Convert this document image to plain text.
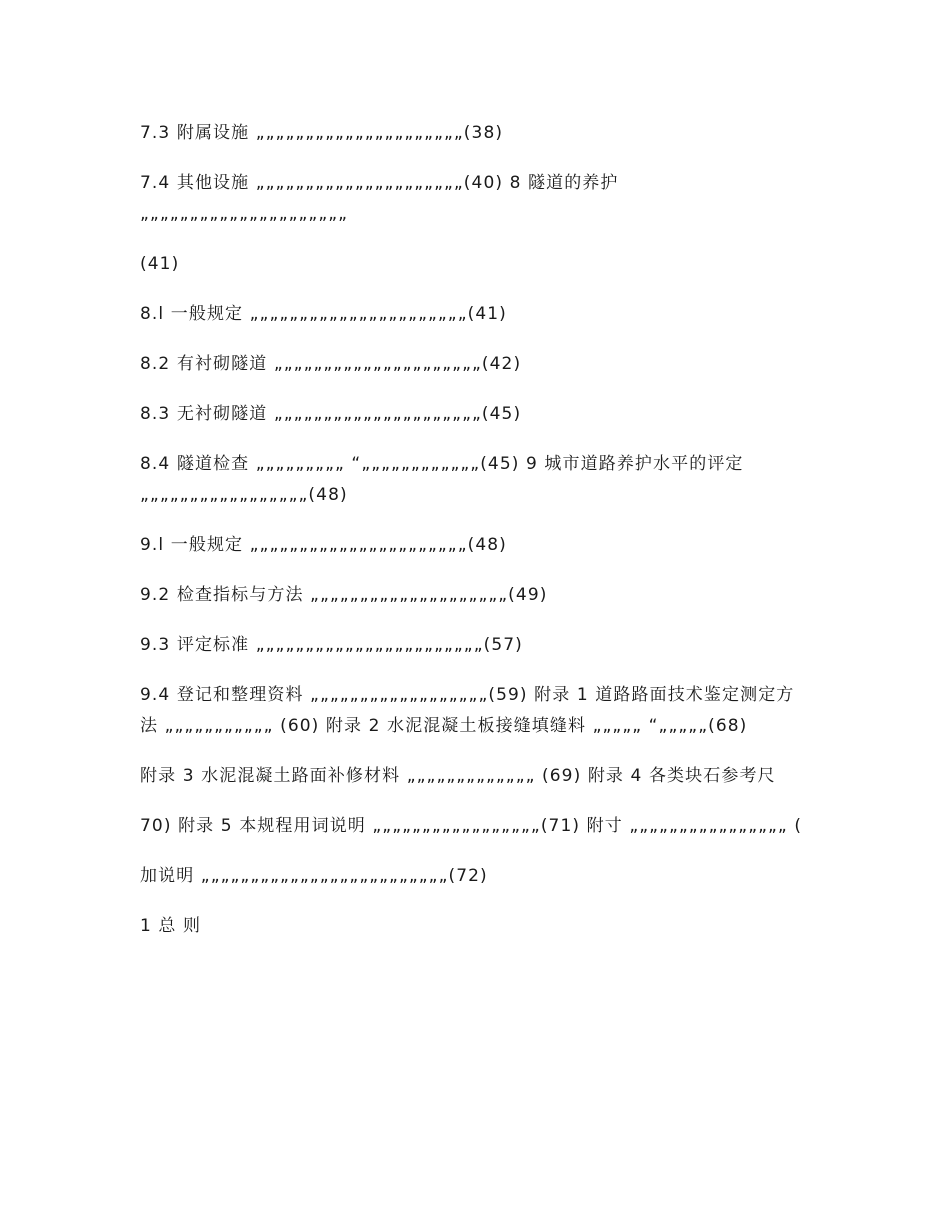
7.3 附属设施 „„„„„„„„„„„„„„„„„„„„„(38)

7.4 其他设施 „„„„„„„„„„„„„„„„„„„„„(40) 8 隧道的养护 „„„„„„„„„„„„„„„„„„„„„

(41)

8.l 一般规定 „„„„„„„„„„„„„„„„„„„„„„(41)

8.2 有衬砌隧道 „„„„„„„„„„„„„„„„„„„„„(42)

8.3 无衬砌隧道 „„„„„„„„„„„„„„„„„„„„„(45)

8.4 隧道检查 „„„„„„„„„ “„„„„„„„„„„„„(45) 9 城市道路养护水平的评定 „„„„„„„„„„„„„„„„„(48)

9.l 一般规定 „„„„„„„„„„„„„„„„„„„„„„(48)

9.2 检查指标与方法 „„„„„„„„„„„„„„„„„„„„(49)

9.3 评定标准 „„„„„„„„„„„„„„„„„„„„„„„(57)

9.4 登记和整理资料 „„„„„„„„„„„„„„„„„„(59) 附录 1 道路路面技术鉴定测定方法 „„„„„„„„„„„ (60) 附录 2 水泥混凝土板接缝填缝料 „„„„„ “„„„„„(68)

附录 3 水泥混凝土路面补修材料 „„„„„„„„„„„„„ (69) 附录 4 各类块石参考尺

70) 附录 5 本规程用词说明 „„„„„„„„„„„„„„„„„(71) 附寸 „„„„„„„„„„„„„„„„ (

加说明 „„„„„„„„„„„„„„„„„„„„„„„„„(72)

1 总 则
